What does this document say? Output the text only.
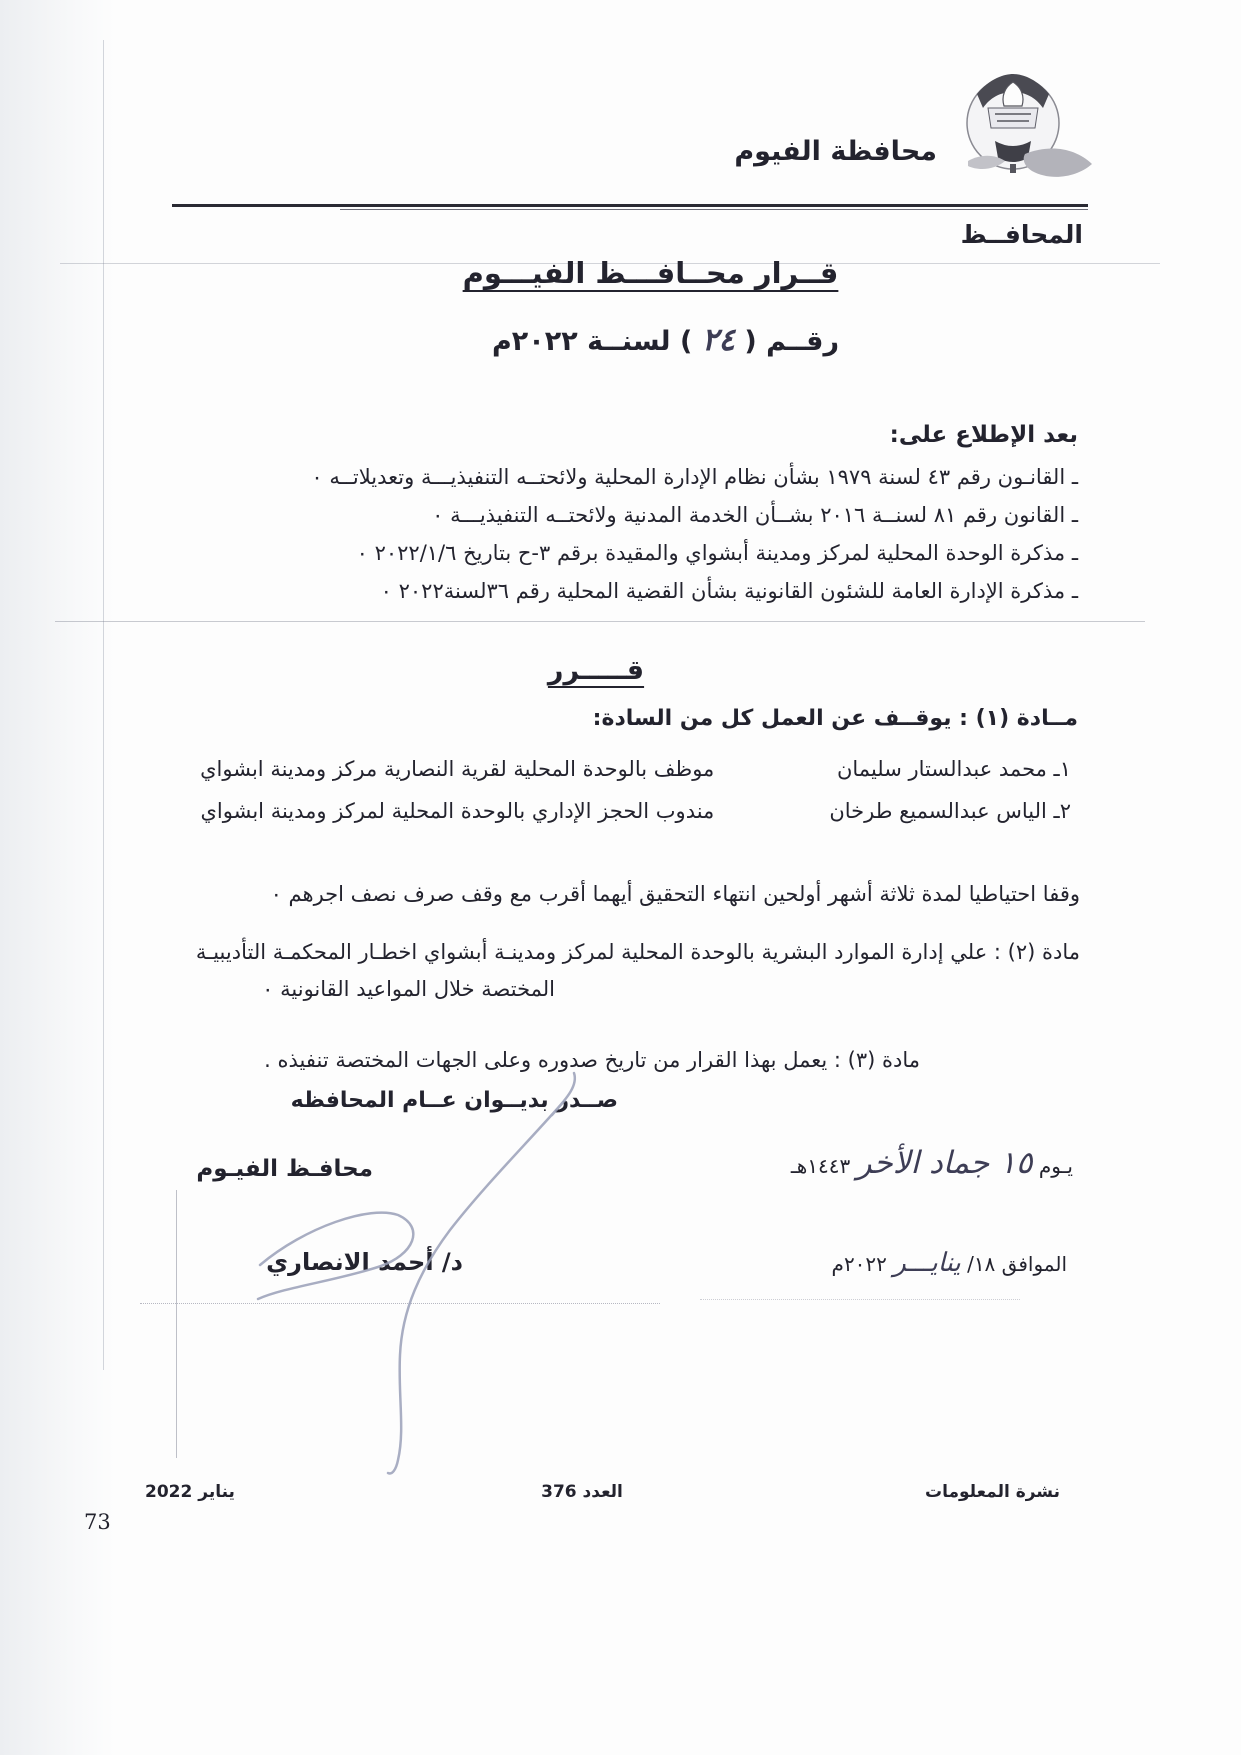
محافظة الفيوم
المحافــظ
قــرار محــافـــظ الفيـــوم
رقــم ( ٢٤ ) لسنــة ٢٠٢٢م
بعد الإطلاع على:
ـ القانـون رقم ٤٣ لسنة ١٩٧٩ بشأن نظام الإدارة المحلية ولائحتــه التنفيذيـــة وتعديلاتــه ٠
ـ القانون رقم ٨١ لسنــة ٢٠١٦ بشــأن الخدمة المدنية ولائحتــه التنفيذيـــة ٠
ـ مذكرة الوحدة المحلية لمركز ومدينة أبشواي والمقيدة برقم ٣-ح بتاريخ ٢٠٢٢/١/٦ ‏٠
ـ مذكرة الإدارة العامة للشئون القانونية بشأن القضية المحلية رقم ٣٦لسنة٢٠٢٢ ‏٠
قـــــرر
مــادة (١) : يوقــف عن العمل كل من السادة:
١ـ محمد عبدالستار سليمان موظف بالوحدة المحلية لقرية النصارية مركز ومدينة ابشواي
٢ـ الياس عبدالسميع طرخان مندوب الحجز الإداري بالوحدة المحلية لمركز ومدينة ابشواي
وقفا احتياطيا لمدة ثلاثة أشهر أولحين انتهاء التحقيق أيهما أقرب مع وقف صرف نصف اجرهم ٠
مادة (٢) : علي إدارة الموارد البشرية بالوحدة المحلية لمركز ومدينـة أبشواي اخطـار المحكمـة التأديبيـة
المختصة خلال المواعيد القانونية ٠
مادة (٣) : يعمل بهذا القرار من تاريخ صدوره وعلى الجهات المختصة تنفيذه .
صــدر بديــوان عــام المحافظه
يـوم ١٥ جماد الأخر ١٤٤٣هـ
محافـظ الفيـوم
الموافق ١٨/ ينايـــر ٢٠٢٢م
د/ أحمد الانصاري
نشرة المعلومات
العدد 376
يناير 2022
73
